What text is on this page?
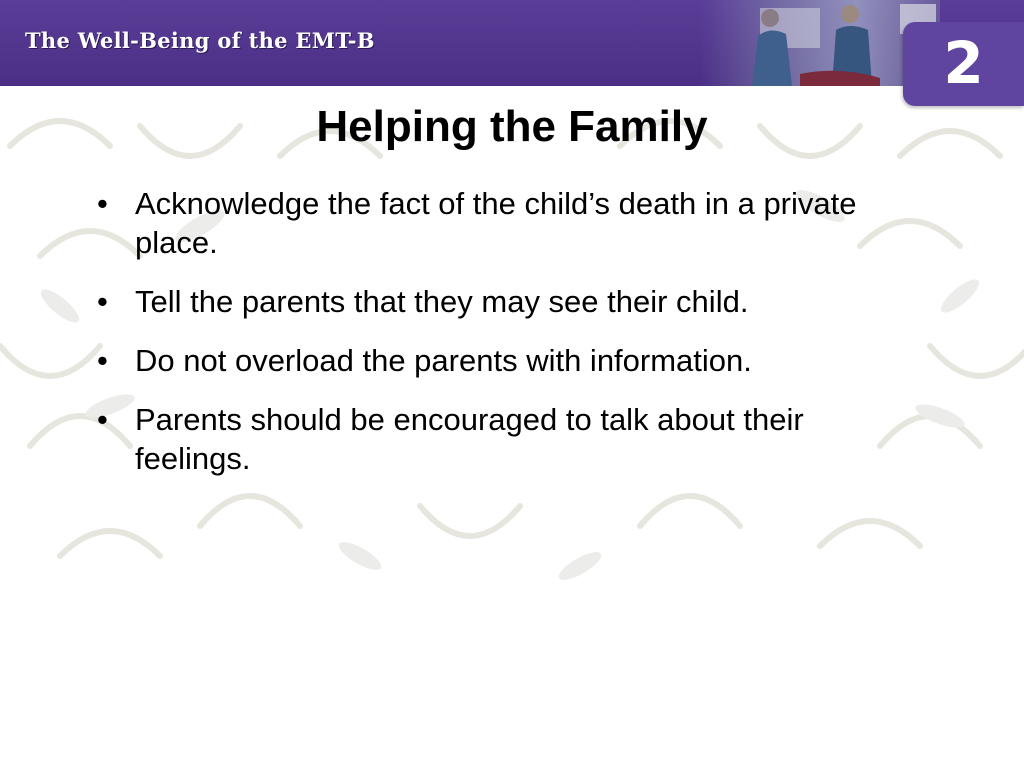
The Well-Being of the EMT-B	2
Helping the Family
• Acknowledge the fact of the child’s death in a private place.
• Tell the parents that they may see their child.
• Do not overload the parents with information.
• Parents should be encouraged to talk about their feelings.
